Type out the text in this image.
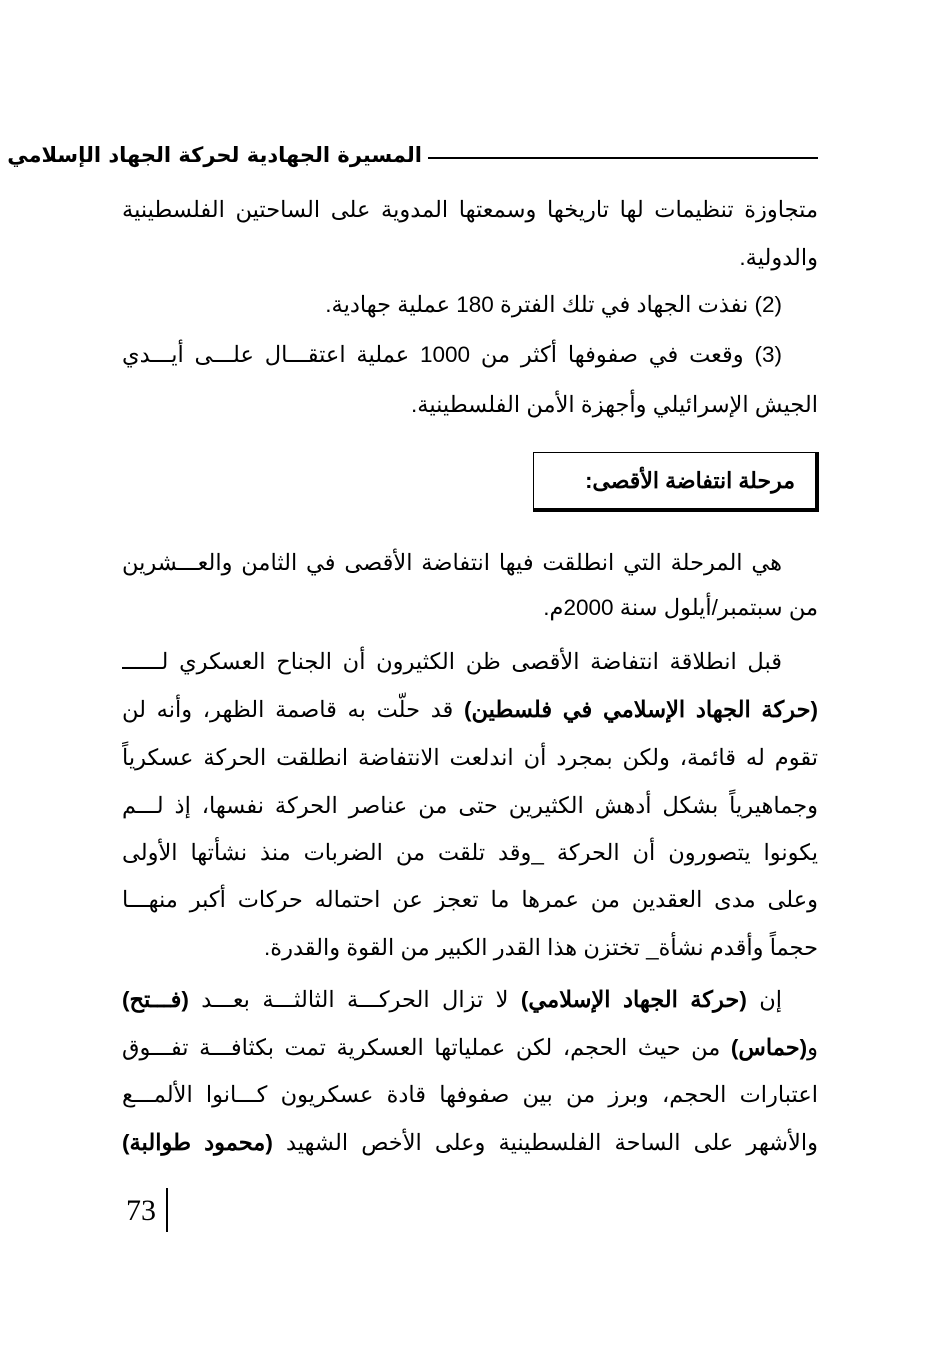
المسيرة الجهادية لحركة الجهاد الإسلامي
متجاوزة تنظيمات لها تاريخها وسمعتها المدوية على الساحتين الفلسطينية
والدولية.
(2) نفذت الجهاد في تلك الفترة 180 عملية جهادية.
(3) وقعت في صفوفها أكثر من 1000 عملية اعتقـــال علـــى أيـــدي
الجيش الإسرائيلي وأجهزة الأمن الفلسطينية.
مرحلة انتفاضة الأقصى:
هي المرحلة التي انطلقت فيها انتفاضة الأقصى في الثامن والعـــشرين
من سبتمبر/أيلول سنة 2000م.
قبل انطلاقة انتفاضة الأقصى ظن الكثيرون أن الجناح العسكري لــــــ
(حركة الجهاد الإسلامي في فلسطين) قد حلّت به قاصمة الظهر، وأنه لن
تقوم له قائمة، ولكن بمجرد أن اندلعت الانتفاضة انطلقت الحركة عسكرياً
وجماهيرياً بشكل أدهش الكثيرين حتى من عناصر الحركة نفسها، إذ لـــم
يكونوا يتصورون أن الحركة _وقد تلقت من الضربات منذ نشأتها الأولى
وعلى مدى العقدين من عمرها ما تعجز عن احتماله حركات أكبر منهـــا
حجماً وأقدم نشأة_ تختزن هذا القدر الكبير من القوة والقدرة.
إن (حركة الجهاد الإسلامي) لا تزال الحركـــة الثالثـــة بعـــد (فـــتح)
و(حماس) من حيث الحجم، لكن عملياتها العسكرية تمت بكثافـــة تفـــوق
اعتبارات الحجم، وبرز من بين صفوفها قادة عسكريون كـــانوا الألمـــع
والأشهر على الساحة الفلسطينية وعلى الأخص الشهيد (محمود طوالبة)
73
